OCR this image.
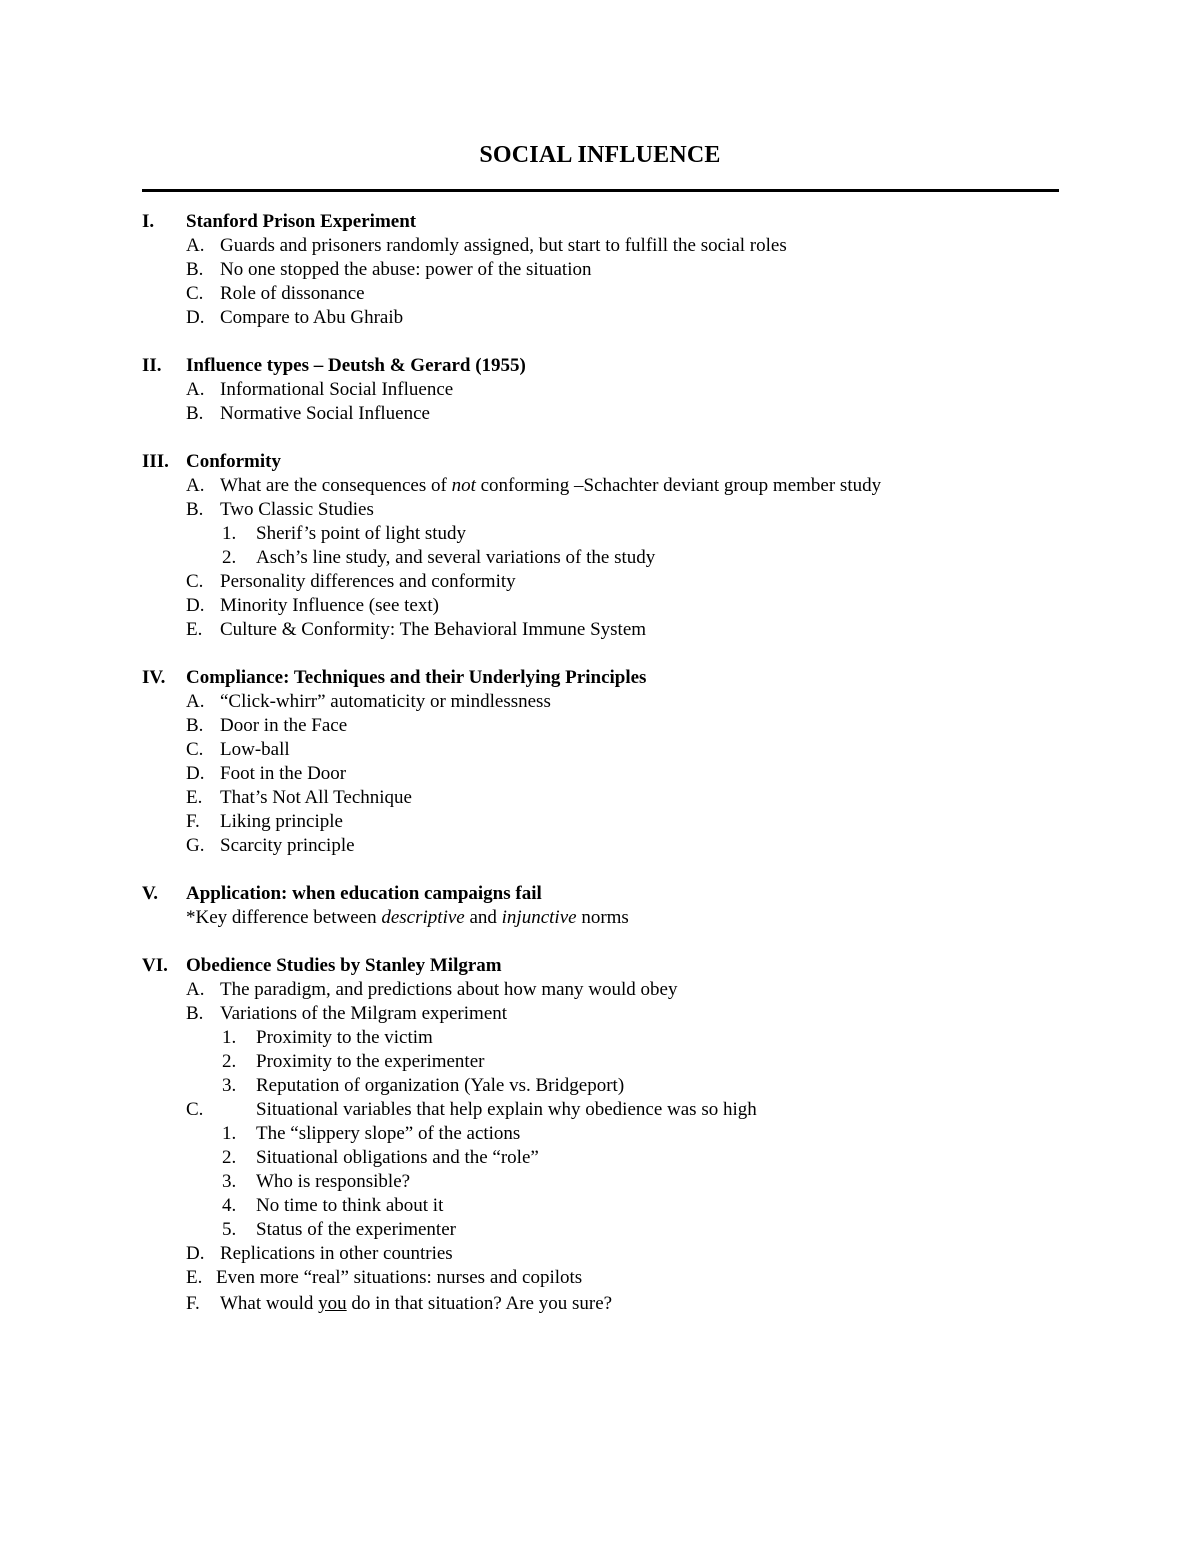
SOCIAL INFLUENCE
I. Stanford Prison Experiment
A. Guards and prisoners randomly assigned, but start to fulfill the social roles
B. No one stopped the abuse: power of the situation
C. Role of dissonance
D. Compare to Abu Ghraib
II. Influence types – Deutsh & Gerard (1955)
A. Informational Social Influence
B. Normative Social Influence
III. Conformity
A. What are the consequences of not conforming –Schachter deviant group member study
B. Two Classic Studies
1. Sherif’s point of light study
2. Asch’s line study, and several variations of the study
C. Personality differences and conformity
D. Minority Influence (see text)
E. Culture & Conformity: The Behavioral Immune System
IV. Compliance: Techniques and their Underlying Principles
A. “Click-whirr” automaticity or mindlessness
B. Door in the Face
C. Low-ball
D. Foot in the Door
E. That’s Not All Technique
F. Liking principle
G. Scarcity principle
V. Application: when education campaigns fail
*Key difference between descriptive and injunctive norms
VI. Obedience Studies by Stanley Milgram
A. The paradigm, and predictions about how many would obey
B. Variations of the Milgram experiment
1. Proximity to the victim
2. Proximity to the experimenter
3. Reputation of organization (Yale vs. Bridgeport)
C.	Situational variables that help explain why obedience was so high
1. The “slippery slope” of the actions
2. Situational obligations and the “role”
3. Who is responsible?
4. No time to think about it
5. Status of the experimenter
D. Replications in other countries
E. Even more “real” situations: nurses and copilots
F. What would you do in that situation? Are you sure?
